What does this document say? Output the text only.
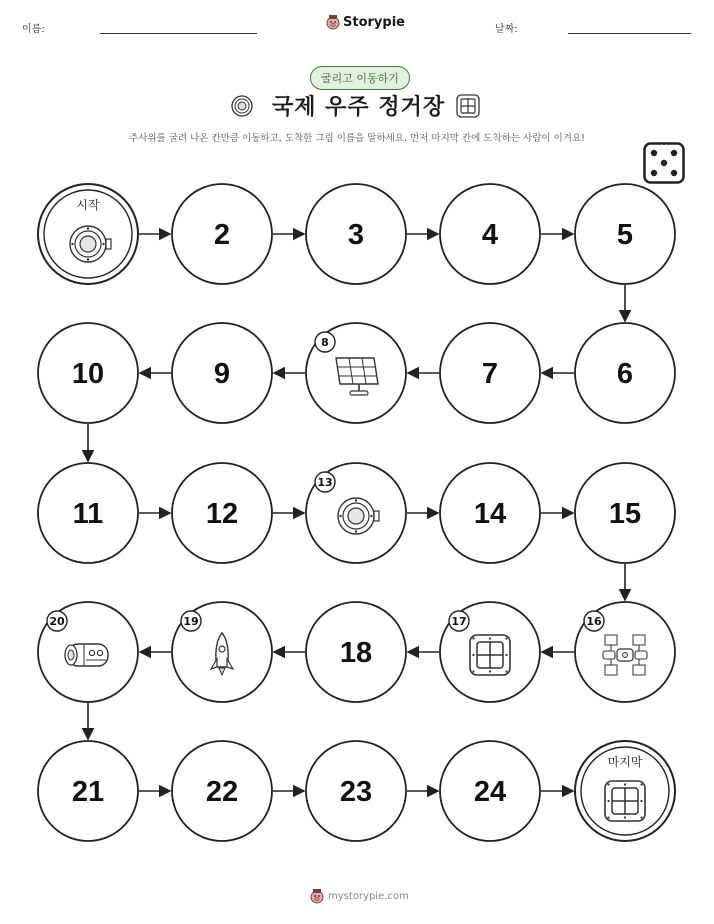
이름:	Storypie	날짜:
굴리고 이동하기
국제 우주 정거장
주사위를 굴려 나온 칸만큼 이동하고, 도착한 그림 이름을 말하세요. 먼저 마지막 칸에 도착하는 사람이 이겨요!
시작
2	3	4	5
6
7
8
9
10
11	12
13
14	15
16
17
18
19
20
21	22	23	24
마지막
mystorypie.com
